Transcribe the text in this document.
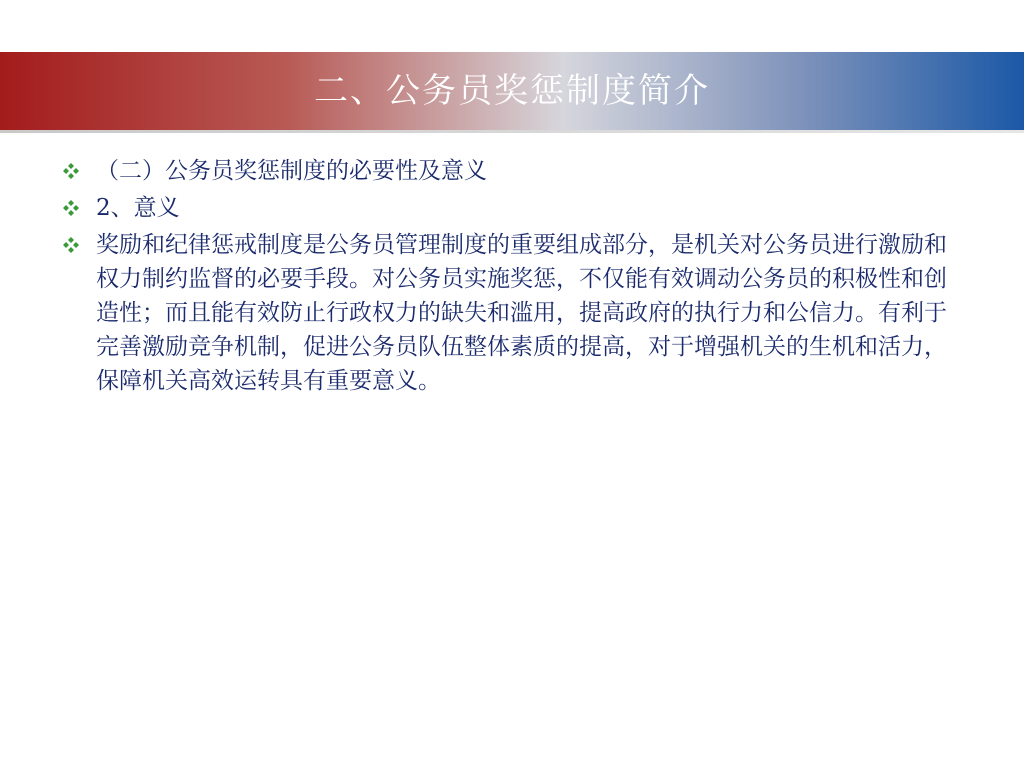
二、公务员奖惩制度简介
（二）公务员奖惩制度的必要性及意义
2、意义
奖励和纪律惩戒制度是公务员管理制度的重要组成部分，是机关对公务员进行激励和权力制约监督的必要手段。对公务员实施奖惩，不仅能有效调动公务员的积极性和创造性；而且能有效防止行政权力的缺失和滥用，提高政府的执行力和公信力。有利于完善激励竞争机制，促进公务员队伍整体素质的提高，对于增强机关的生机和活力，保障机关高效运转具有重要意义。
